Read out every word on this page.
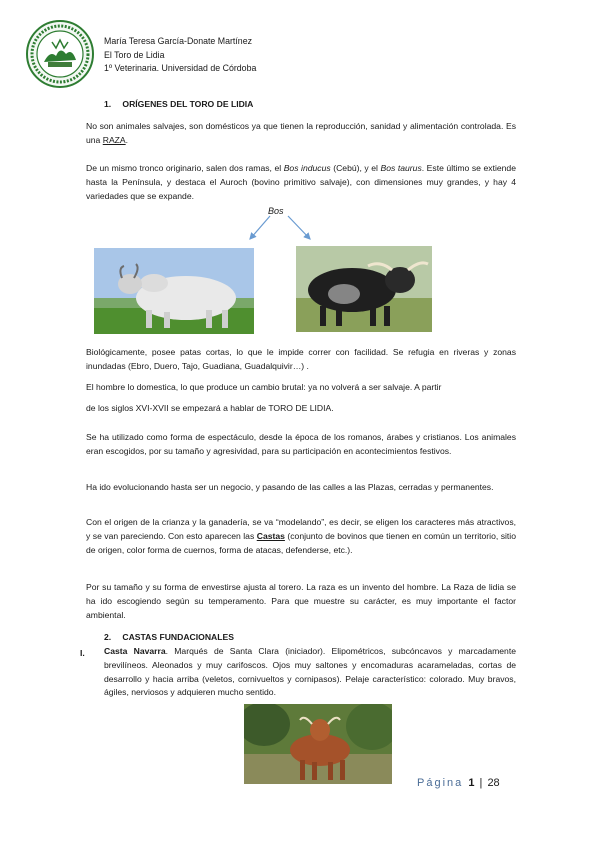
María Teresa García-Donate Martínez
El Toro de Lidia
1º Veterinaria. Universidad de Córdoba
1. ORÍGENES DEL TORO DE LIDIA
No son animales salvajes, son domésticos ya que tienen la reproducción, sanidad y alimentación controlada. Es una RAZA.
De un mismo tronco originario, salen dos ramas, el Bos inducus (Cebú), y el Bos taurus. Este último se extiende hasta la Península, y destaca el Auroch (bovino primitivo salvaje), con dimensiones muy grandes, y hay 4 variedades que se expande.
Bos
Biológicamente, posee patas cortas, lo que le impide correr con facilidad. Se refugia en riveras y zonas inundadas (Ebro, Duero, Tajo, Guadiana, Guadalquivir…) .
El hombre lo domestica, lo que produce un cambio brutal: ya no volverá a ser salvaje. A partir
de los siglos XVI-XVII se empezará a hablar de TORO DE LIDIA.
Se ha utilizado como forma de espectáculo, desde la época de los romanos, árabes y cristianos. Los animales eran escogidos, por su tamaño y agresividad, para su participación en acontecimientos festivos.
Ha ido evolucionando hasta ser un negocio, y pasando de las calles a las Plazas, cerradas y permanentes.
Con el origen de la crianza y la ganadería, se va “modelando”, es decir, se eligen los caracteres más atractivos, y se van pareciendo. Con esto aparecen las Castas (conjunto de bovinos que tienen en común un territorio, sitio de origen, color forma de cuernos, forma de atacas, defenderse, etc.).
Por su tamaño y su forma de envestirse ajusta al torero. La raza es un invento del hombre. La Raza de lidia se ha ido escogiendo según su temperamento. Para que muestre su carácter, es muy importante el factor ambiental.
2. CASTAS FUNDACIONALES
I. Casta Navarra. Marqués de Santa Clara (iniciador). Elipométricos, subcóncavos y marcadamente brevilíneos. Aleonados y muy carifoscos. Ojos muy saltones y encomaduras acarameladas, cortas de desarrollo y hacia arriba (veletos, cornivueltos y cornipasos). Pelaje característico: colorado. Muy bravos, ágiles, nerviosos y adquieren mucho sentido.
Página 1 | 28
